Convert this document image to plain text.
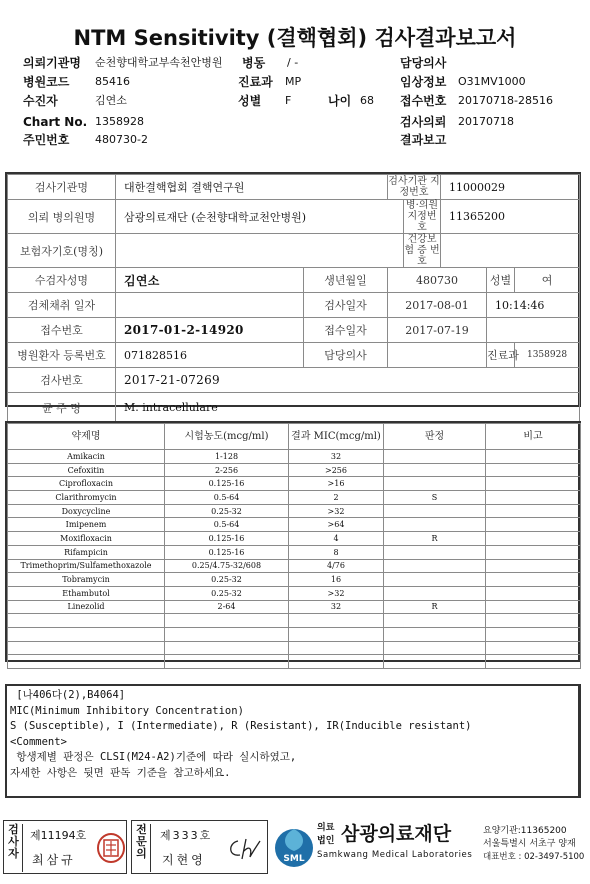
NTM Sensitivity (결핵협회) 검사결과보고서
의뢰기관명 순천향대학교부속천안병원 병동 / -	담당의사
병원코드 85416	진료과 MP	임상정보 O31MV1000
수진자	김연소	성별 F	나이 68 접수번호 20170718-28516
Chart No. 1358928	검사의뢰 20170718
주민번호 480730-2	결과보고
검사기관명	대한결핵협회 결핵연구원		검사기관 지정번호		11000029		
의뢰 병의원명	삼광의료재단 (순천향대학교천안병원)			병·의원 지정번호	11365200		
보험자기호(명칭)				건강보험 증 번 호			
수검자성명	김연소	생년월일	480730			성별	여
검체채취 일자		검사일자	2017-08-01			10:14:46	
접수번호	2017-01-2-14920	접수일자	2017-07-19				
병원환자 등록번호	071828516	담당의사				진료과	1358928
검사번호	2017-21-07269						
균 주 명	M. intracellulare						
약제명	시험농도(mcg/ml)	결과 MIC(mcg/ml)	판정	비고
Amikacin	1-128	32		
Cefoxitin	2-256	>256		
Ciprofloxacin	0.125-16	>16		
Clarithromycin	0.5-64	2	S	
Doxycycline	0.25-32	>32		
Imipenem	0.5-64	>64		
Moxifloxacin	0.125-16	4	R	
Rifampicin	0.125-16	8		
Trimethoprim/Sulfamethoxazole	0.25/4.75-32/608	4/76		
Tobramycin	0.25-32	16		
Ethambutol	0.25-32	>32		
Linezolid	2-64	32	R	

[나406다(2),B4064]
MIC(Minimum Inhibitory Concentration)
S (Susceptible), I (Intermediate), R (Resistant), IR(Inducible resistant)
<Comment>
항생제별 판정은 CLSI(M24-A2)기준에 따라 실시하였고,
자세한 사항은 뒷면 판독 기준을 참고하세요.
검사자
제11194호
최삼규
전문의
제333호
지현영	SML
의료법인 삼광의료재단
Samkwang Medical Laboratories
요양기관:11365200
서울특별시 서초구 양재
대표번호 : 02-3497-5100
